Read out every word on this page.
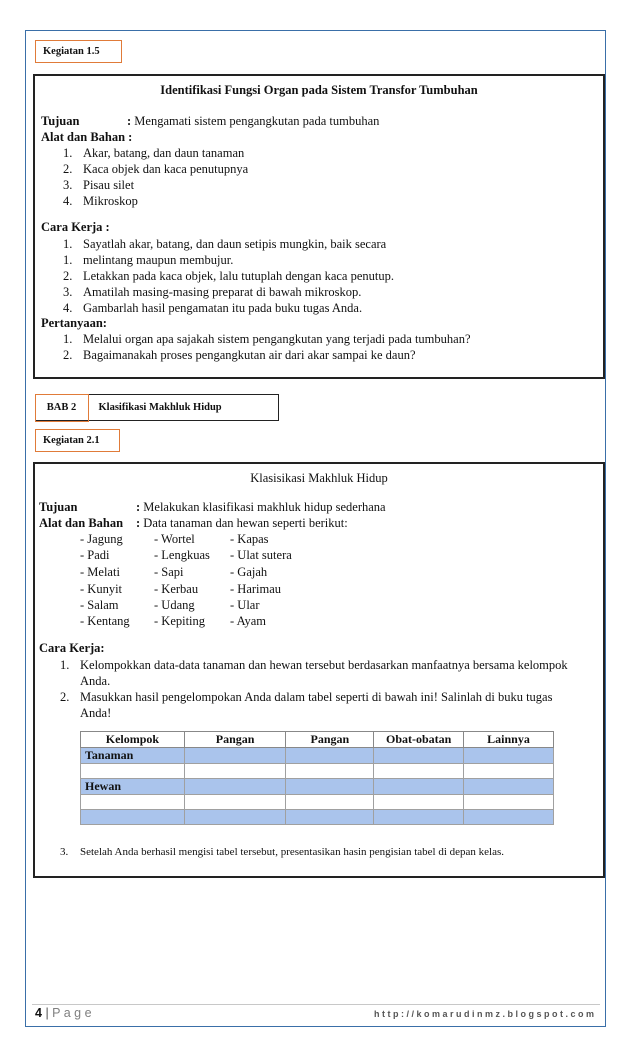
Kegiatan 1.5
Identifikasi Fungsi Organ pada Sistem Transfor Tumbuhan
Tujuan	: Mengamati sistem pengangkutan pada tumbuhan
Alat dan Bahan :
1. Akar, batang, dan daun tanaman
2. Kaca objek dan kaca penutupnya
3. Pisau silet
4. Mikroskop
Cara Kerja :
1. Sayatlah akar, batang, dan daun setipis mungkin, baik secara
1. melintang maupun membujur.
2. Letakkan pada kaca objek, lalu tutuplah dengan kaca penutup.
3. Amatilah masing-masing preparat di bawah mikroskop.
4. Gambarlah hasil pengamatan itu pada buku tugas Anda.
Pertanyaan:
1. Melalui organ apa sajakah sistem pengangkutan yang terjadi pada tumbuhan?
2. Bagaimanakah proses pengangkutan air dari akar sampai ke daun?
BAB 2	Klasifikasi Makhluk Hidup
Kegiatan 2.1
Klasisikasi Makhluk Hidup
Tujuan	: Melakukan klasifikasi makhluk hidup sederhana
Alat dan Bahan : Data tanaman dan hewan seperti berikut:
- Jagung	- Wortel	- Kapas
- Padi	- Lengkuas - Ulat sutera
- Melati	- Sapi	- Gajah
- Kunyit	- Kerbau	- Harimau
- Salam	- Udang	- Ular
- Kentang - Kepiting - Ayam
Cara Kerja:
1. Kelompokkan data-data tanaman dan hewan tersebut berdasarkan manfaatnya bersama kelompok
Anda.
2. Masukkan hasil pengelompokan Anda dalam tabel seperti di bawah ini! Salinlah di buku tugas
Anda!
Kelompok	Pangan	Pangan	Obat-obatan	Lainnya
Tanaman				

Hewan				

3. Setelah Anda berhasil mengisi tabel tersebut, presentasikan hasin pengisian tabel di depan kelas.
4 | P a g e	h t t p : / / k o m a r u d i n m z . b l o g s p o t . c o m
